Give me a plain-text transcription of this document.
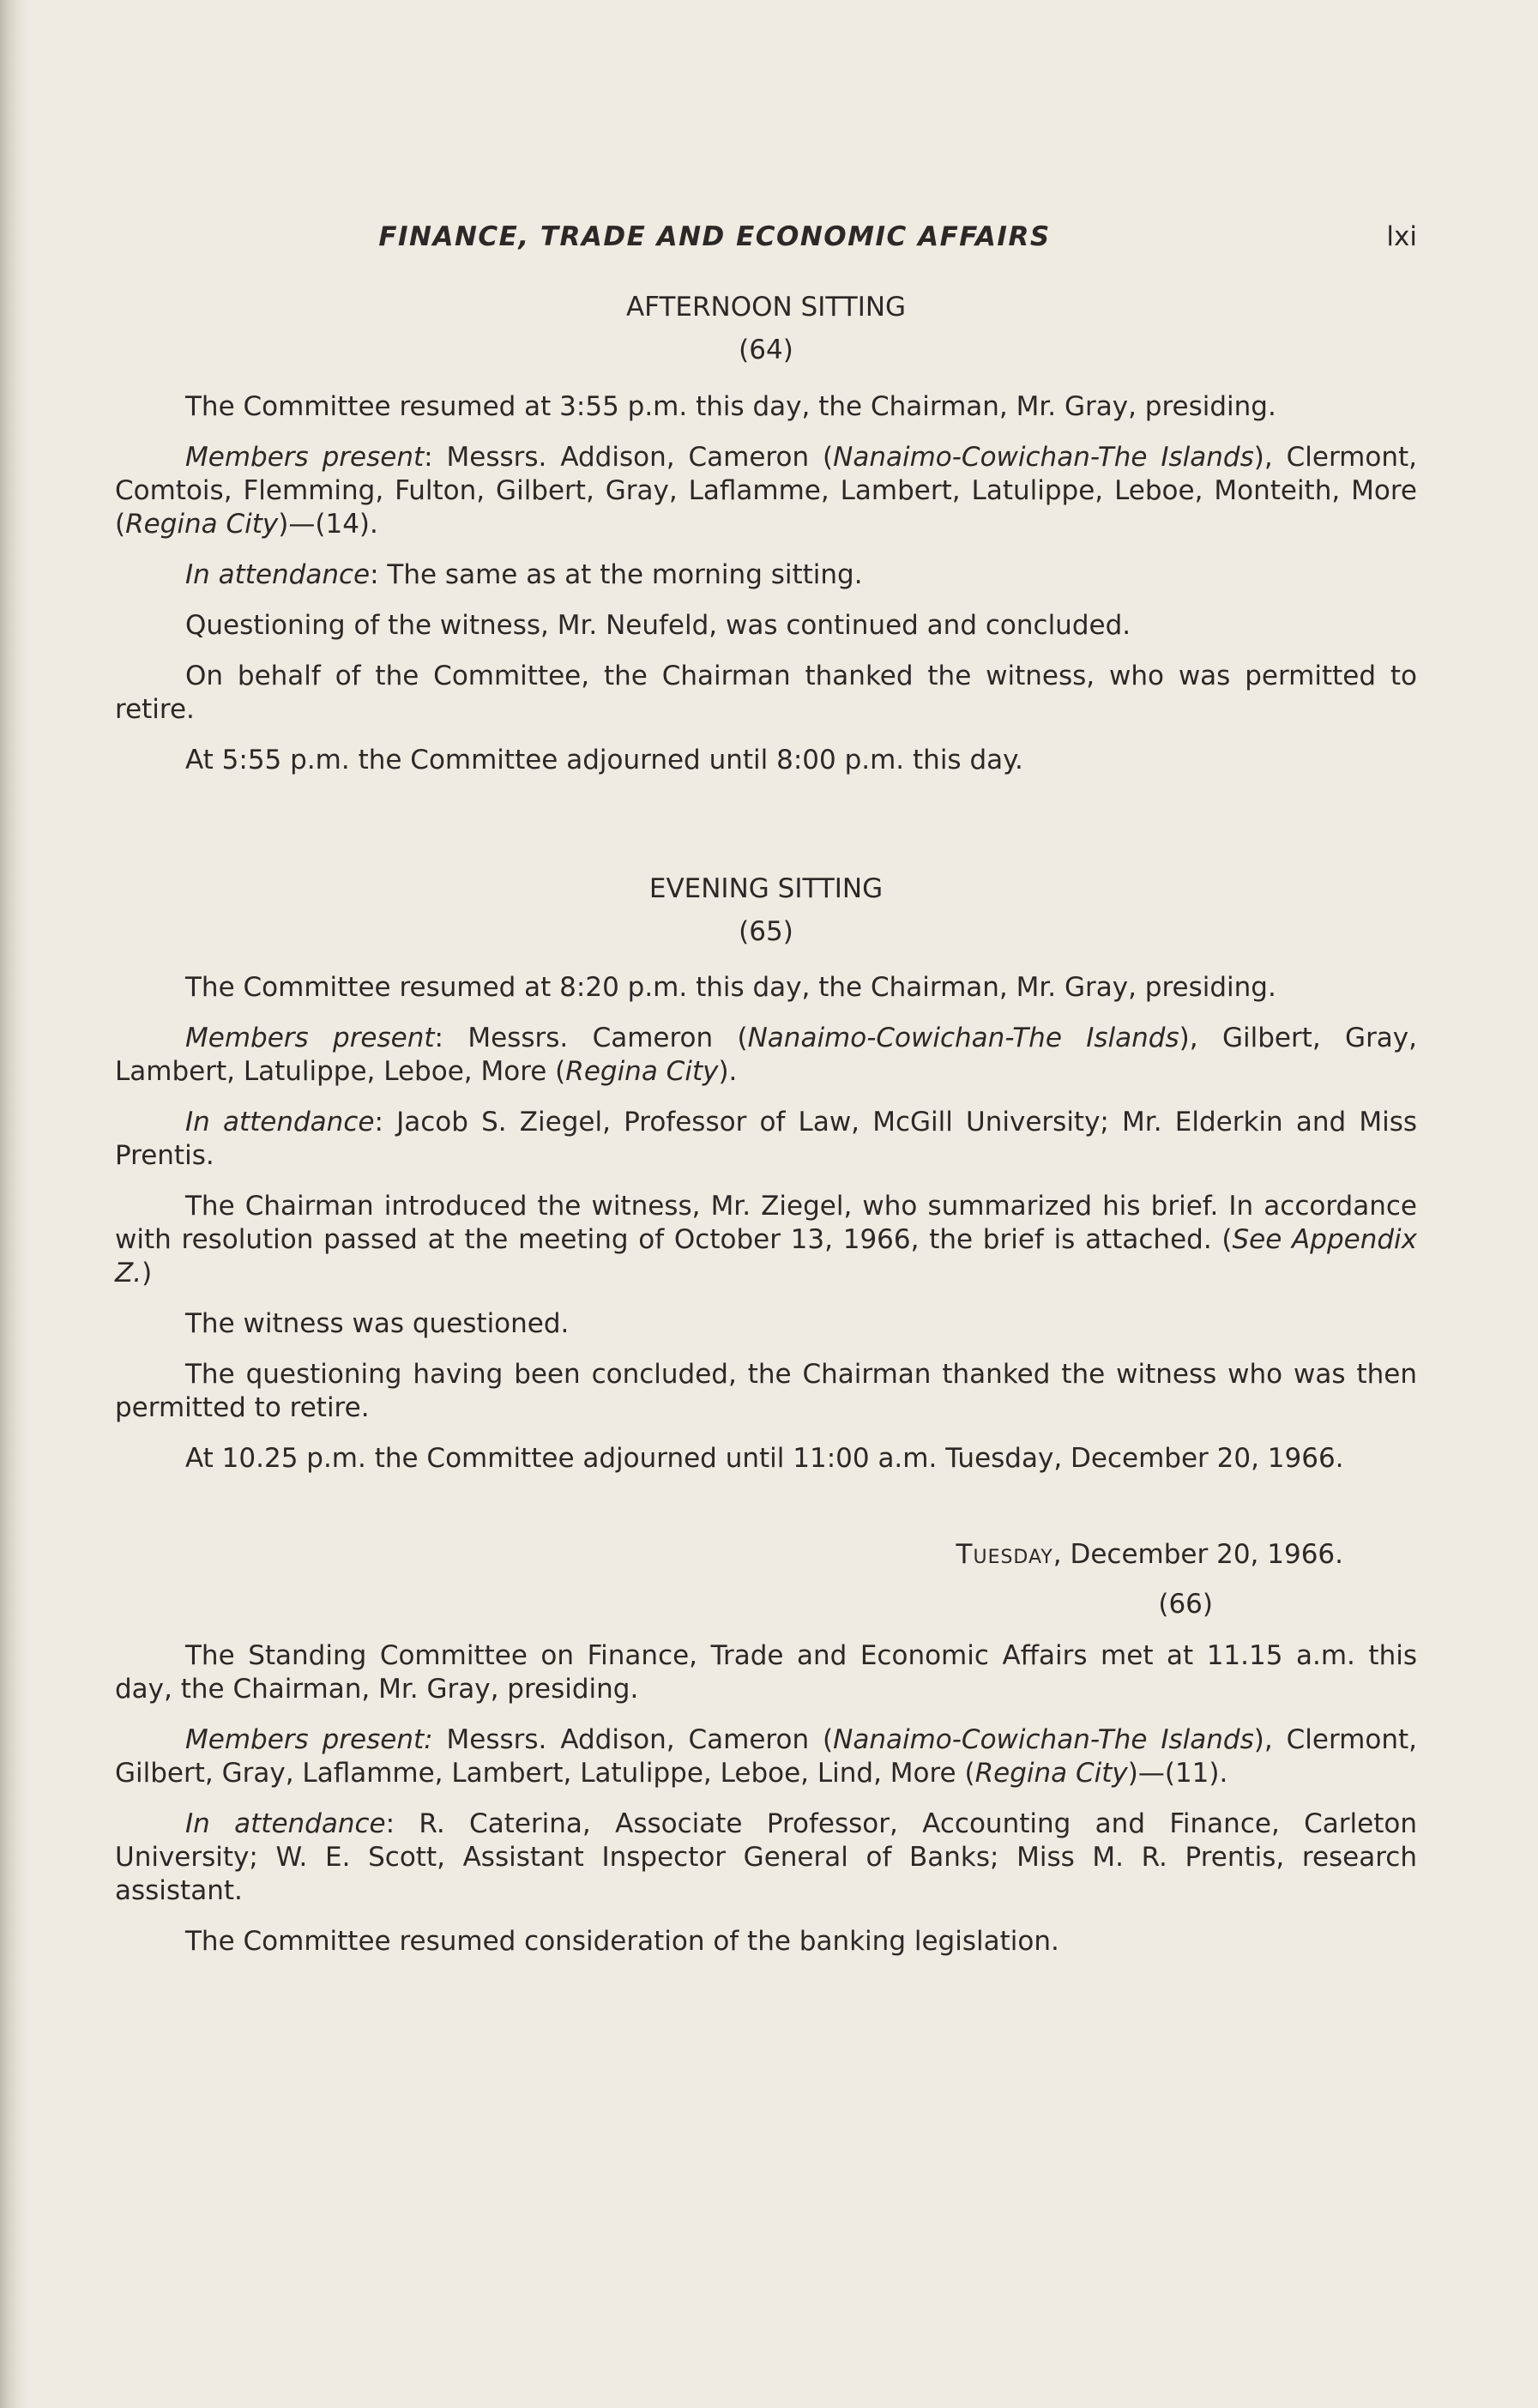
FINANCE, TRADE AND ECONOMIC AFFAIRS	lxi

AFTERNOON SITTING

(64)

The Committee resumed at 3:55 p.m. this day, the Chairman, Mr. Gray, presiding.

Members present: Messrs. Addison, Cameron (Nanaimo-Cowichan-The Islands), Clermont, Comtois, Flemming, Fulton, Gilbert, Gray, Laflamme, Lambert, Latulippe, Leboe, Monteith, More (Regina City)—(14).

In attendance: The same as at the morning sitting.

Questioning of the witness, Mr. Neufeld, was continued and concluded.

On behalf of the Committee, the Chairman thanked the witness, who was permitted to retire.

At 5:55 p.m. the Committee adjourned until 8:00 p.m. this day.

EVENING SITTING

(65)

The Committee resumed at 8:20 p.m. this day, the Chairman, Mr. Gray, presiding.

Members present: Messrs. Cameron (Nanaimo-Cowichan-The Islands), Gilbert, Gray, Lambert, Latulippe, Leboe, More (Regina City).

In attendance: Jacob S. Ziegel, Professor of Law, McGill University; Mr. Elderkin and Miss Prentis.

The Chairman introduced the witness, Mr. Ziegel, who summarized his brief. In accordance with resolution passed at the meeting of October 13, 1966, the brief is attached. (See Appendix Z.)

The witness was questioned.

The questioning having been concluded, the Chairman thanked the witness who was then permitted to retire.

At 10.25 p.m. the Committee adjourned until 11:00 a.m. Tuesday, December 20, 1966.

Tuesday, December 20, 1966.

(66)

The Standing Committee on Finance, Trade and Economic Affairs met at 11.15 a.m. this day, the Chairman, Mr. Gray, presiding.

Members present: Messrs. Addison, Cameron (Nanaimo-Cowichan-The Islands), Clermont, Gilbert, Gray, Laflamme, Lambert, Latulippe, Leboe, Lind, More (Regina City)—(11).

In attendance: R. Caterina, Associate Professor, Accounting and Finance, Carleton University; W. E. Scott, Assistant Inspector General of Banks; Miss M. R. Prentis, research assistant.

The Committee resumed consideration of the banking legislation.
